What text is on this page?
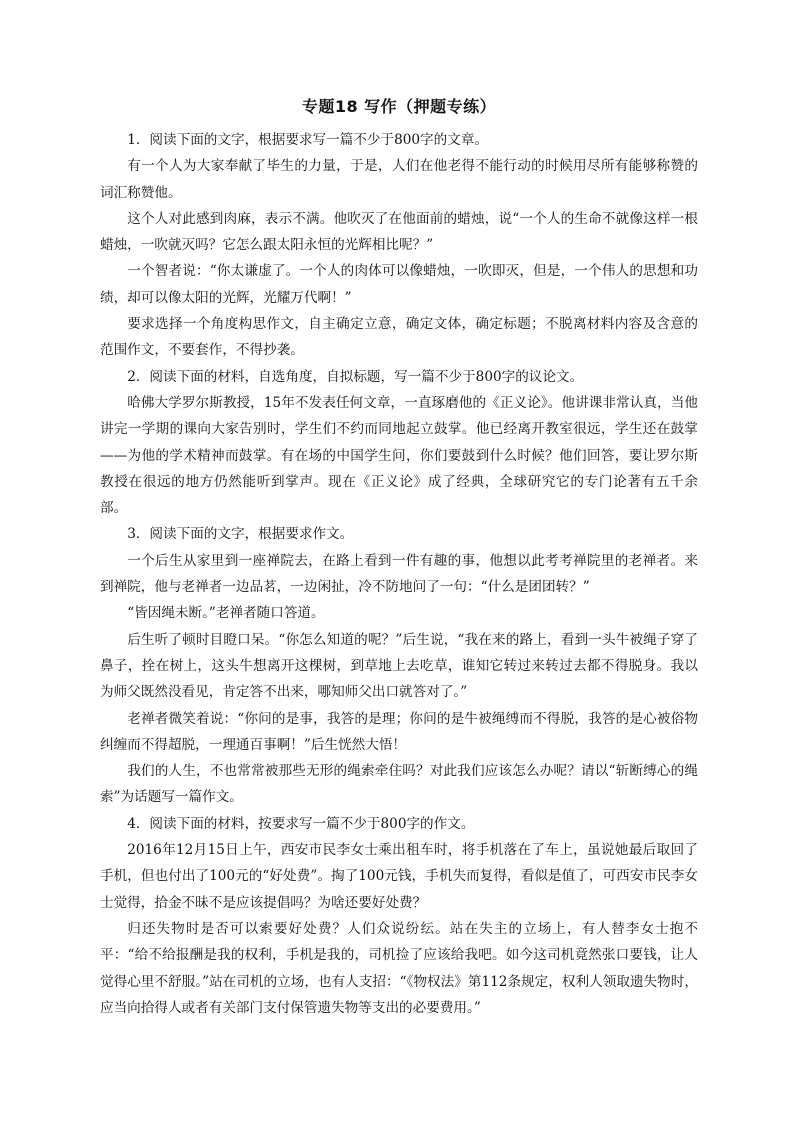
专题18 写作（押题专练）

1．阅读下面的文字，根据要求写一篇不少于800字的文章。

有一个人为大家奉献了毕生的力量，于是，人们在他老得不能行动的时候用尽所有能够称赞的词汇称赞他。

这个人对此感到肉麻，表示不满。他吹灭了在他面前的蜡烛，说“一个人的生命不就像这样一根蜡烛，一吹就灭吗？它怎么跟太阳永恒的光辉相比呢？”

一个智者说：“你太谦虚了。一个人的肉体可以像蜡烛，一吹即灭，但是，一个伟人的思想和功绩，却可以像太阳的光辉，光耀万代啊！”

要求选择一个角度构思作文，自主确定立意，确定文体，确定标题；不脱离材料内容及含意的范围作文，不要套作，不得抄袭。

2．阅读下面的材料，自选角度，自拟标题，写一篇不少于800字的议论文。

哈佛大学罗尔斯教授，15年不发表任何文章，一直琢磨他的《正义论》。他讲课非常认真，当他讲完一学期的课向大家告别时，学生们不约而同地起立鼓掌。他已经离开教室很远，学生还在鼓掌——为他的学术精神而鼓掌。有在场的中国学生问，你们要鼓到什么时候？他们回答，要让罗尔斯教授在很远的地方仍然能听到掌声。现在《正义论》成了经典，全球研究它的专门论著有五千余部。

3．阅读下面的文字，根据要求作文。

一个后生从家里到一座禅院去，在路上看到一件有趣的事，他想以此考考禅院里的老禅者。来到禅院，他与老禅者一边品茗，一边闲扯，冷不防地问了一句：“什么是团团转？”

“皆因绳未断。”老禅者随口答道。

后生听了顿时目瞪口呆。“你怎么知道的呢？”后生说，“我在来的路上，看到一头牛被绳子穿了鼻子，拴在树上，这头牛想离开这棵树，到草地上去吃草，谁知它转过来转过去都不得脱身。我以为师父既然没看见，肯定答不出来，哪知师父出口就答对了。”

老禅者微笑着说：“你问的是事，我答的是理；你问的是牛被绳缚而不得脱，我答的是心被俗物纠缠而不得超脱，一理通百事啊！”后生恍然大悟！

我们的人生，不也常常被那些无形的绳索牵住吗？对此我们应该怎么办呢？请以“斩断缚心的绳索”为话题写一篇作文。

4．阅读下面的材料，按要求写一篇不少于800字的作文。

2016年12月15日上午，西安市民李女士乘出租车时，将手机落在了车上，虽说她最后取回了手机，但也付出了100元的“好处费”。掏了100元钱，手机失而复得，看似是值了，可西安市民李女士觉得，拾金不昧不是应该提倡吗？为啥还要好处费？

归还失物时是否可以索要好处费？人们众说纷纭。站在失主的立场上，有人替李女士抱不平：“给不给报酬是我的权利，手机是我的，司机捡了应该给我吧。如今这司机竟然张口要钱，让人觉得心里不舒服。”站在司机的立场，也有人支招：“《物权法》第112条规定，权利人领取遗失物时，应当向拾得人或者有关部门支付保管遗失物等支出的必要费用。”
